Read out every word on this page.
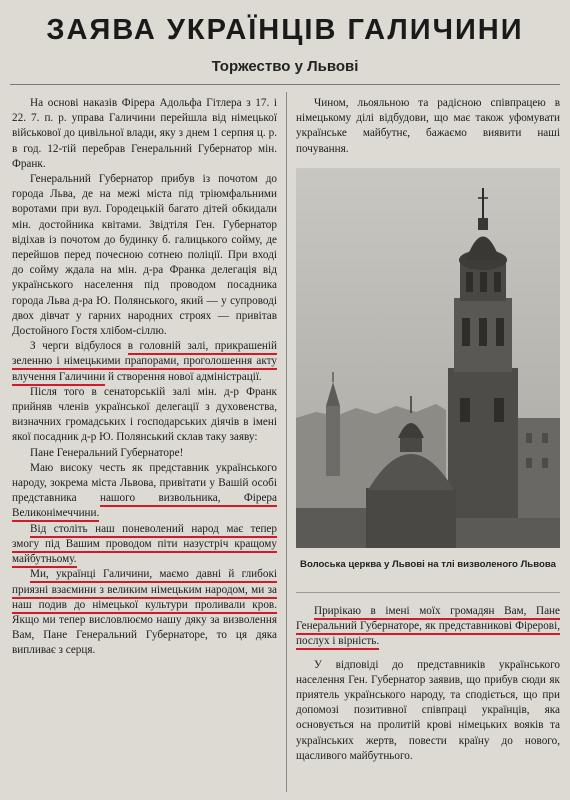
ЗАЯВА УКРАЇНЦІВ ГАЛИЧИНИ
Торжество у Львові

На основі наказів Фірера Адольфа Гітлера з 17. і 22. 7. п. р. управа Галичини перейшла від німецької військової до цивільної влади, яку з днем 1 серпня ц. р. в год. 12-тій перебрав Генеральний Губернатор мін. Франк.

Генеральний Губернатор прибув із почотом до города Льва, де на межі міста під тріюмфальними воротами при вул. Городецькій багато дітей обкидали мін. достойника квітами. Звідтіля Ген. Губернатор відіхав із почотом до будинку б. галицького сойму, де перейшов перед почесною сотнею поліції. При вході до сойму ждала на мін. д-ра Франка делегація від українського населення під проводом посадника города Льва д-ра Ю. Полянського, який — у супроводі двох дівчат у гарних народних строях — привітав Достойного Гостя хлібом-сіллю.

З черги відбулося в головній залі, прикрашеній зеленню і німецькими прапорами, проголошення акту влучення Галичини й створення нової адміністрації.

Після того в сенаторській залі мін. д-р Франк прийняв членів української делегації з духовенства, визначних громадських і господарських діячів в імені якої посадник д-р Ю. Полянський склав таку заяву:

Пане Генеральний Губернаторе!

Маю високу честь як представник українського народу, зокрема міста Львова, привітати у Вашій особі представника нашого визвольника, Фірера Великонімеччини.

Від століть наш поневолений народ має тепер змогу під Вашим проводом піти назустріч кращому майбутньому.

Ми, українці Галичини, маємо давні й глибокі приязні взаємини з великим німецьким народом, ми за наш подив до німецької культури проливали кров. Якщо ми тепер висловлюємо нашу дяку за визволення Вам, Пане Генеральний Губернаторе, то ця дяка випливає з серця.

Чином, льояльною та радісною співпрацею в німецькому ділі відбудови, що має також уфомувати українське майбутнє, бажаємо виявити наші почування.

Волоська церква у Львові на тлі визволеного Львова

Прирікаю в імені моїх громадян Вам, Пане Генеральний Губернаторе, як представникові Фірерові, послух і вірність.

У відповіді до представників українського населення Ген. Губернатор заявив, що прибув сюди як приятель українського народу, та сподіється, що при допомозі позитивної співпраці українців, яка основується на пролитій крові німецьких вояків та українських жертв, повести країну до нового, щасливого майбутнього.
